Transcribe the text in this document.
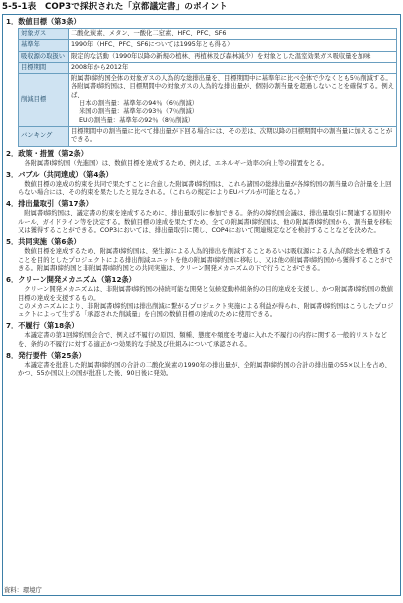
5-5-1表　COP3で採択された「京都議定書」のポイント
1．数値目標（第3条）
対象ガス	二酸化炭素、メタン、一酸化二窒素、HFC、PFC、SF6
基準年	1990年（HFC、PFC、SF6については1995年とも得る）
吸収源の取扱い	限定的な活動（1990年以降の新規の植林、再植林及び森林減少）を対象とした温室効果ガス吸収量を加味
目標期間	2008年から2012年
削減目標	附属書Ⅰ締約国全体の対象ガスの人為的な総排出量を、目標期間中に基準年に比べ全体で少なくとも5％削減する。
各附属書Ⅰ締約国は、目標期間中の対象ガスの人為的な排出量が、個別の割当量を超過しないことを確保する。例えば、
日本の割当量：基準年の94％（6％削減）
米国の割当量：基準年の93％（7％削減）
EUの割当量：基準年の92％（8％削減）

バンキング	目標期間中の割当量に比べて排出量が下回る場合には、その差は、次期以降の目標期間中の割当量に加えることができる。
2．政策・措置（第2条）
各附属書Ⅰ締約国（先進国）は、数値目標を達成するため、例えば、エネルギー効率の向上等の措置をとる。
3．バブル（共同達成）（第4条）
数値目標の達成の約束を共同で果たすことに合意した附属書Ⅰ締約国は、これら諸国の総排出量が各締約国の割当量の合計量を上回らない場合には、その約束を果たしたと見なされる。（これらの規定によりEUバブルが可能となる。）
4．排出量取引（第17条）
附属書Ⅰ締約国は、議定書の約束を達成するために、排出量取引に参加できる。条約の締約国会議は、排出量取引に関連する原則やルール、ガイドライン等を決定する。数値目標の達成を果たすため、全ての附属書Ⅰ締約国は、他の附属書Ⅰ締約国から、割当量を移転又は獲得することができる。COP3においては、排出量取引に関し、COP4において関連規定などを検討することなどを決めた。
5．共同実施（第6条）
数値目標を達成するため、附属書Ⅰ締約国は、発生源による人為的排出を削減することあるいは吸収源による人為的除去を増進することを目的としたプロジェクトによる排出削減ユニットを他の附属書Ⅰ締約国に移転し、又は他の附属書Ⅰ締約国から獲得することができる。附属書Ⅰ締約国と非附属書Ⅰ締約国との共同実施は、クリーン開発メカニズムの下で行うことができる。
6．クリーン開発メカニズム（第12条）
クリーン開発メカニズムは、非附属書Ⅰ締約国の持続可能な開発と気候変動枠組条約の目的達成を支援し、かつ附属書Ⅰ締約国の数値目標の達成を支援するもの。
このメカニズムにより、非附属書Ⅰ締約国は排出削減に繋がるプロジェクト実施による利益が得られ、附属書Ⅰ締約国はこうしたプロジェクトによって生ずる「承認された削減量」を自国の数値目標の達成のために使用できる。
7．不履行（第18条）
本議定書の第1回締約国会合で、例えば不履行の原因、類種、態度や頻度を考慮に入れた不履行の内容に関する一般的リストなどを、条約の不履行に対する適正かつ効果的な手続及び仕組みについて承認される。
8．発行要件（第25条）
本議定書を批准した附属書Ⅰ締約国の合計の二酸化炭素の1990年の排出量が、全附属書Ⅰ締約国の合計の排出量の55×以上を占め、かつ、55か国以上の国が批准した後、90日後に発効。
資料：環境庁
